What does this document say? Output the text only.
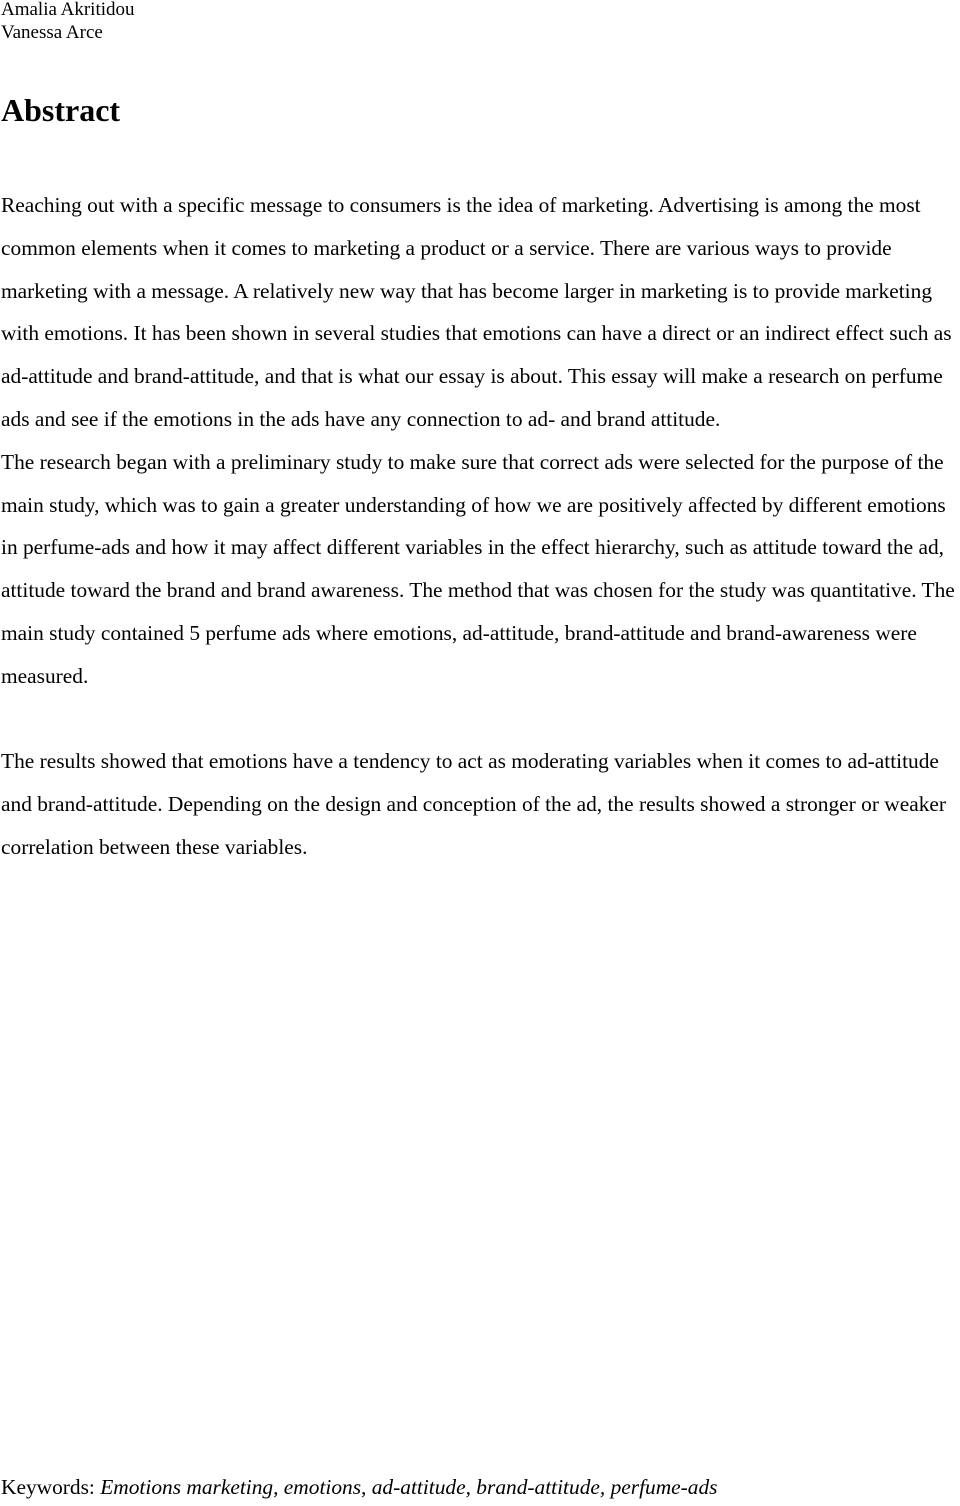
Amalia Akritidou
Vanessa Arce
Abstract

Reaching out with a specific message to consumers is the idea of marketing. Advertising is among the most common elements when it comes to marketing a product or a service. There are various ways to provide marketing with a message. A relatively new way that has become larger in marketing is to provide marketing with emotions. It has been shown in several studies that emotions can have a direct or an indirect effect such as ad-attitude and brand-attitude, and that is what our essay is about. This essay will make a research on perfume ads and see if the emotions in the ads have any connection to ad- and brand attitude.

The research began with a preliminary study to make sure that correct ads were selected for the purpose of the main study, which was to gain a greater understanding of how we are positively affected by different emotions in perfume-ads and how it may affect different variables in the effect hierarchy, such as attitude toward the ad, attitude toward the brand and brand awareness. The method that was chosen for the study was quantitative. The main study contained 5 perfume ads where emotions, ad-attitude, brand-attitude and brand-awareness were measured.

The results showed that emotions have a tendency to act as moderating variables when it comes to ad-attitude and brand-attitude. Depending on the design and conception of the ad, the results showed a stronger or weaker correlation between these variables.

Keywords: Emotions marketing, emotions, ad-attitude, brand-attitude, perfume-ads
